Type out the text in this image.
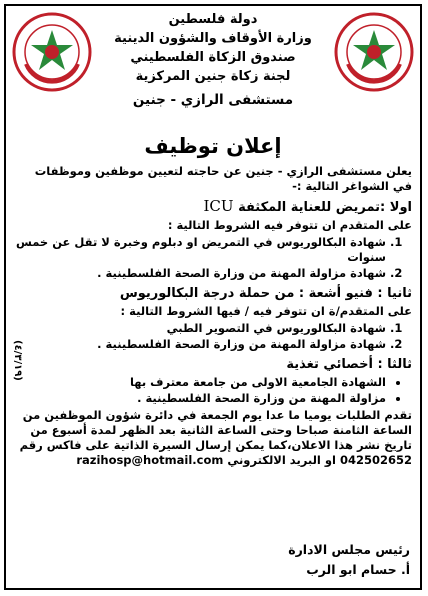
دولة فلسطين
وزارة الأوقاف والشؤون الدينية
صندوق الزكاة الفلسطيني
لجنة زكاة جنين المركزية
مستشفى الرازي - جنين
إعلان توظيف

يعلن مستشفى الرازي - جنين عن حاجته لتعيين موظفين وموظفات في الشواغر التالية :-

اولا :تمريض للعناية المكثفة ICU

على المتقدم ان تتوفر فيه الشروط التالية :

1. شهادة البكالوريوس في التمريض او دبلوم وخبرة لا تقل عن خمس سنوات
2. شهادة مزاولة المهنة من وزارة الصحة الفلسطينية .
ثانيا : فنيو أشعة : من حملة درجة البكالوريوس

على المتقدم/ة ان تتوفر فيه / فيها الشروط التالية :

1. شهادة البكالوريوس في التصوير الطبي
2. شهادة مزاولة المهنة من وزارة الصحة الفلسطينية .
ثالثا : أخصائي تغذية
• الشهادة الجامعية الاولى من جامعة معترف بها
• مزاولة المهنة من وزارة الصحة الفلسطينية .

تقدم الطلبات يوميا ما عدا يوم الجمعة في دائرة شؤون الموظفين من الساعة الثامنة صباحا وحتى الساعة الثانية بعد الظهر لمدة أسبوع من تاريخ نشر هذا الاعلان،كما يمكن إرسال السيرة الذاتية على فاكس رقم 042502652 او البريد الالكتروني razihosp@hotmail.com

(٤/٣/١٩)
رئيس مجلس الادارة
أ. حسام ابو الرب
